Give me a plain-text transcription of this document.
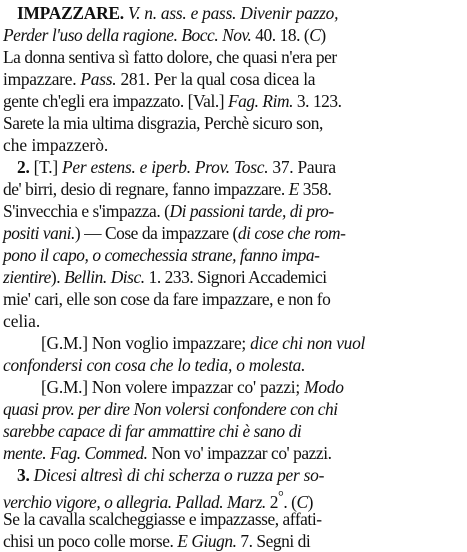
IMPAZZARE. V. n. ass. e pass. Divenir pazzo,
Perder l'uso della ragione. Bocc. Nov. 40. 18. (C)
La donna sentiva sì fatto dolore, che quasi n'era per
impazzare. Pass. 281. Per la qual cosa dicea la
gente ch'egli era impazzato. [Val.] Fag. Rim. 3. 123.
Sarete la mia ultima disgrazia, Perchè sicuro son,
che impazzerò.
2. [T.] Per estens. e iperb. Prov. Tosc. 37. Paura
de' birri, desio di regnare, fanno impazzare. E 358.
S'invecchia e s'impazza. (Di passioni tarde, di pro-
positi vani.) — Cose da impazzare (di cose che rom-
pono il capo, o comechessia strane, fanno impa-
zientire). Bellin. Disc. 1. 233. Signori Accademici
mie' cari, elle son cose da fare impazzare, e non fo
celia.
[G.M.] Non voglio impazzare; dice chi non vuol
confondersi con cosa che lo tedia, o molesta.
[G.M.] Non volere impazzar co' pazzi; Modo
quasi prov. per dire Non volersi confondere con chi
sarebbe capace di far ammattire chi è sano di
mente. Fag. Commed. Non vo' impazzar co' pazzi.
3. Dicesi altresì di chi scherza o ruzza per so-
verchio vigore, o allegria. Pallad. Marz. 2°. (C)
Se la cavalla scalcheggiasse e impazzasse, affati-
chisi un poco colle morse. E Giugn. 7. Segni di
